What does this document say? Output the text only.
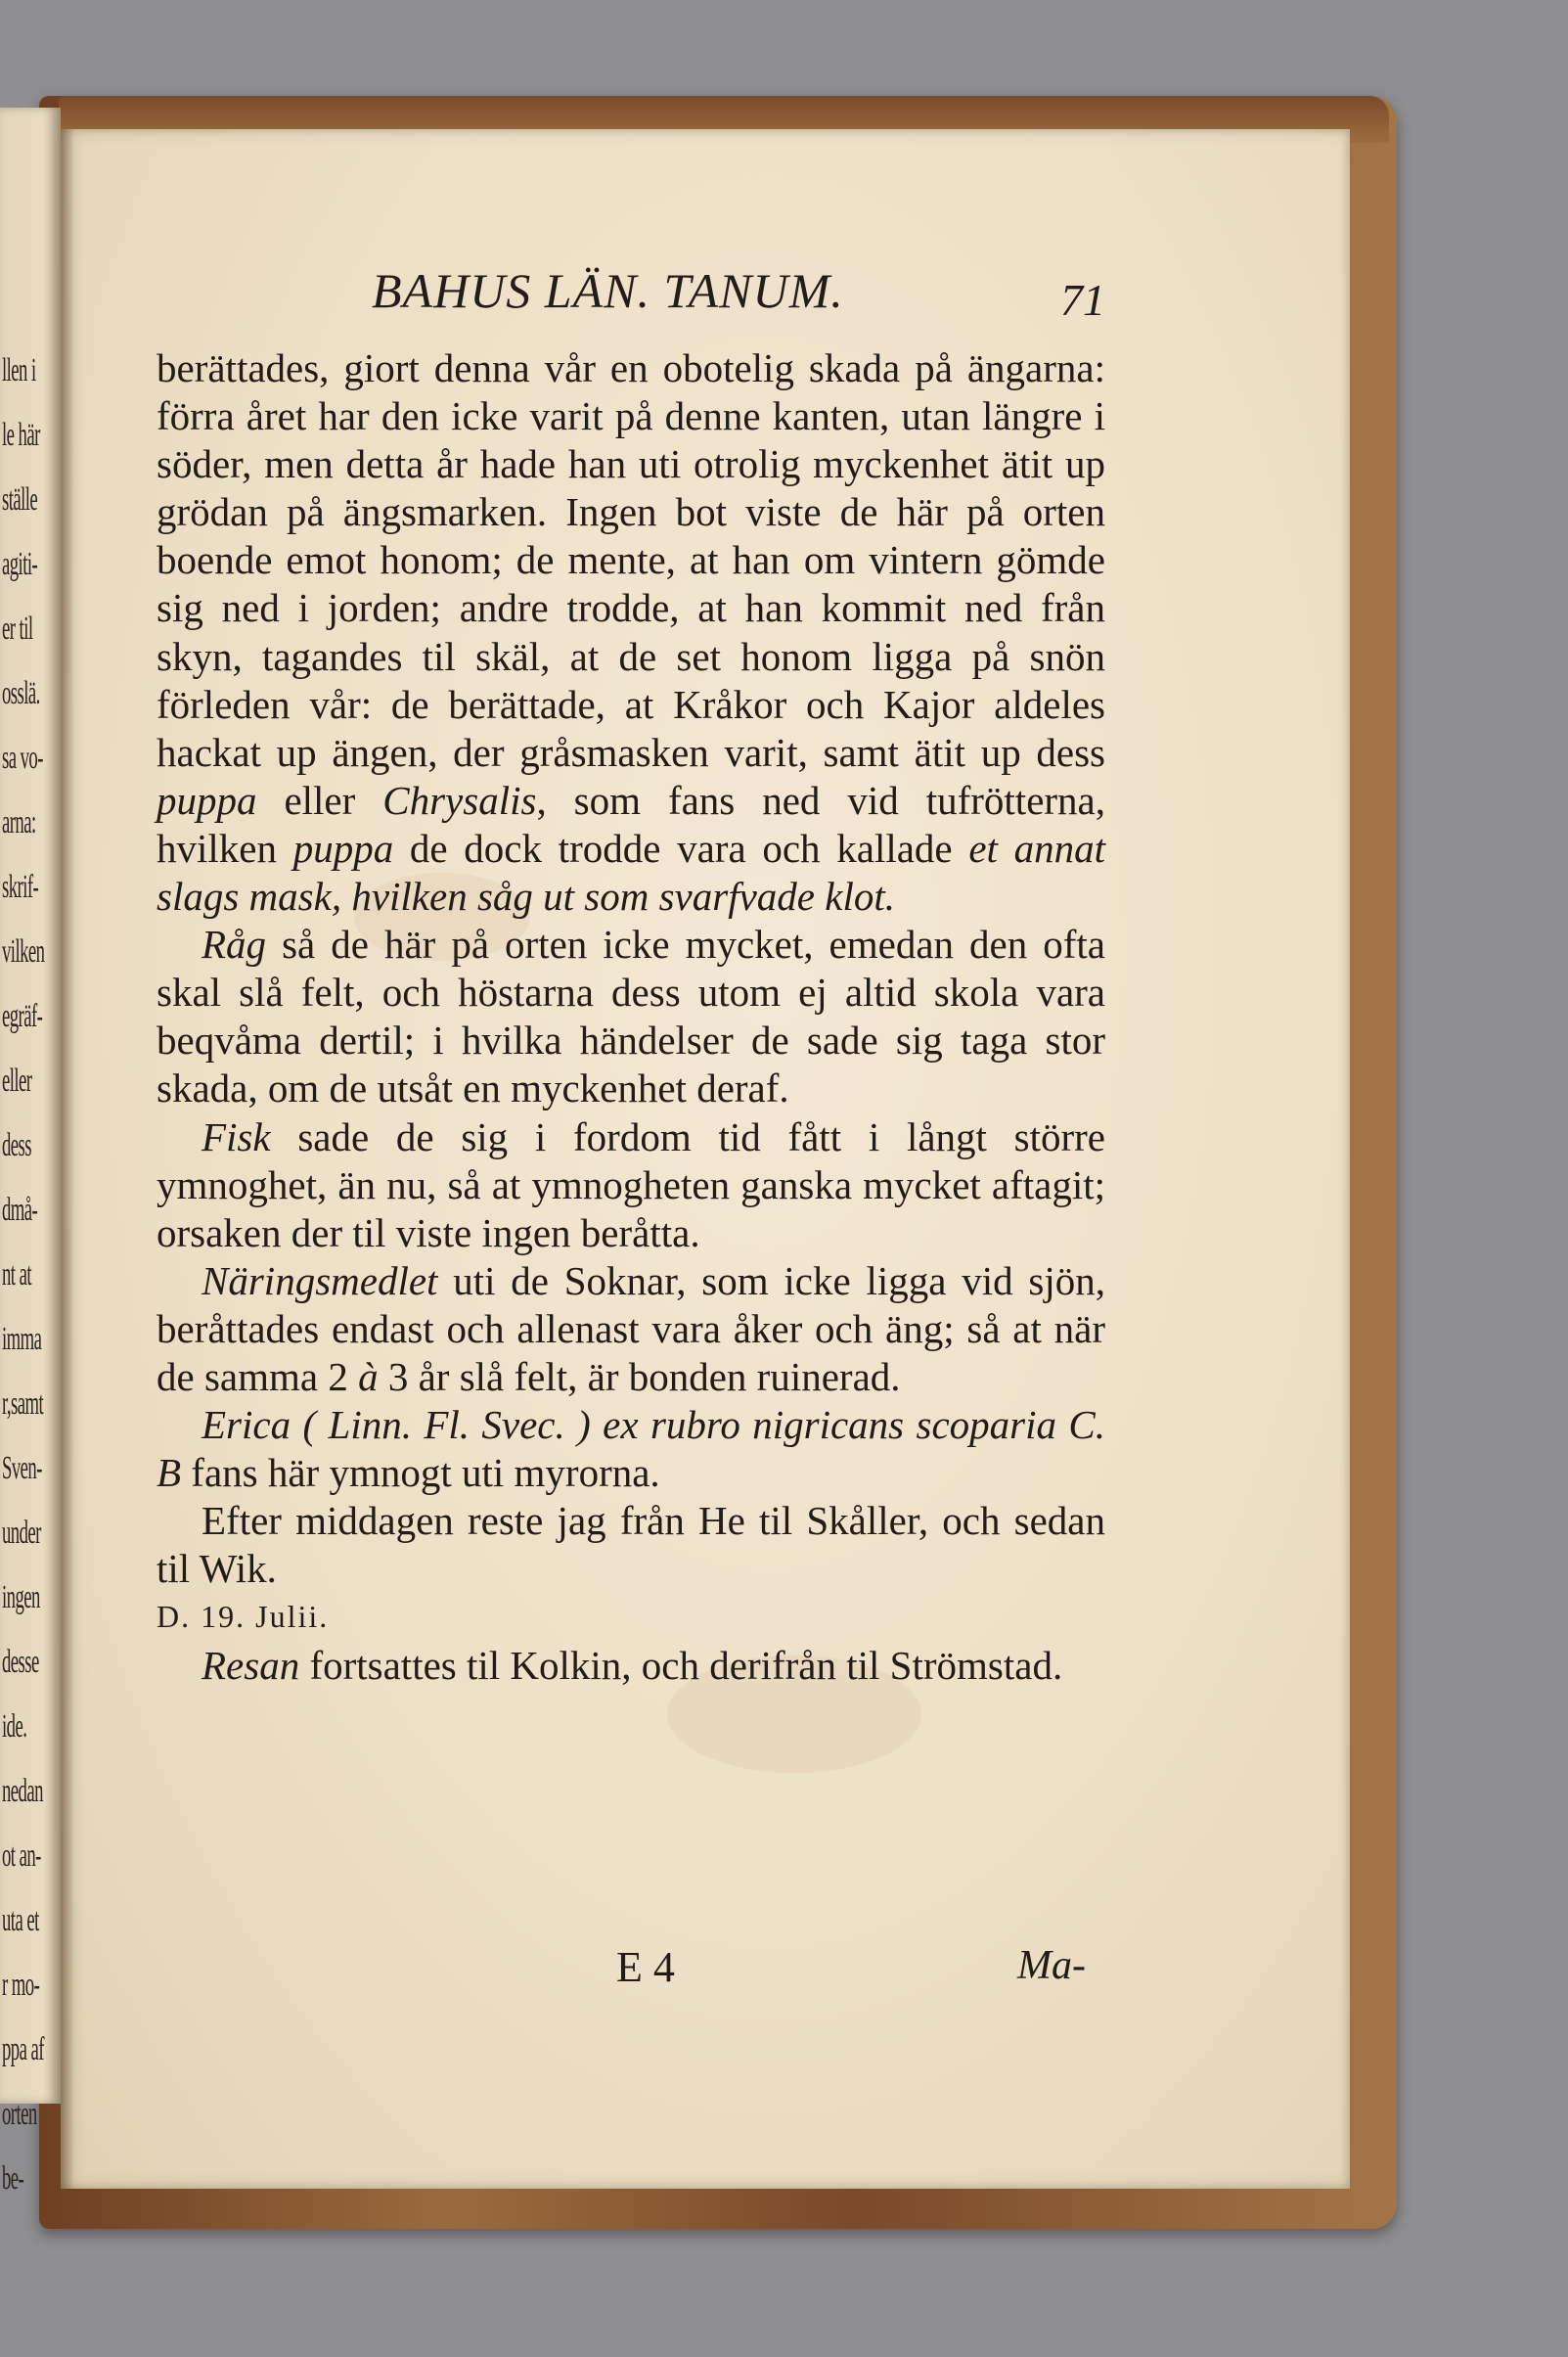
llen i
le här
ställe
agiti-
er til
osslä.
sa vo-
arna:
skrif-
vilken
egräf-
eller
dess
dmå-
nt at
imma
r,samt
Sven-
under
ingen
desse
ide.
nedan
ot an-
uta et
r mo-
ppa af
orten
be-
BAHUS LÄN. TANUM.	71

berättades, giort denna vår en obotelig skada på ängarna: förra året har den icke varit på denne kanten, utan längre i söder, men detta år hade han uti otrolig myckenhet ätit up grödan på ängsmarken. Ingen bot viste de här på orten boende emot honom; de mente, at han om vintern gömde sig ned i jorden; andre trodde, at han kommit ned från skyn, tagandes til skäl, at de set honom ligga på snön förleden vår: de berättade, at Kråkor och Kajor aldeles hackat up ängen, der gråsmasken varit, samt ätit up dess puppa eller Chrysalis, som fans ned vid tufrötterna, hvilken puppa de dock trodde vara och kallade et annat slags mask, hvilken såg ut som svarfvade klot.

Råg så de här på orten icke mycket, emedan den ofta skal slå felt, och höstarna dess utom ej altid skola vara beqvåma dertil; i hvilka händelser de sade sig taga stor skada, om de utsåt en myckenhet deraf.

Fisk sade de sig i fordom tid fått i långt större ymnoghet, än nu, så at ymnogheten ganska mycket aftagit; orsaken der til viste ingen beråtta.

Näringsmedlet uti de Soknar, som icke ligga vid sjön, beråttades endast och allenast vara åker och äng; så at när de samma 2 à 3 år slå felt, är bonden ruinerad.

Erica ( Linn. Fl. Svec. ) ex rubro nigricans scoparia C. B fans här ymnogt uti myrorna.

Efter middagen reste jag från He til Skåller, och sedan til Wik.

D. 19. Julii.

Resan fortsattes til Kolkin, och derifrån til Strömstad.

E 4	Ma-
